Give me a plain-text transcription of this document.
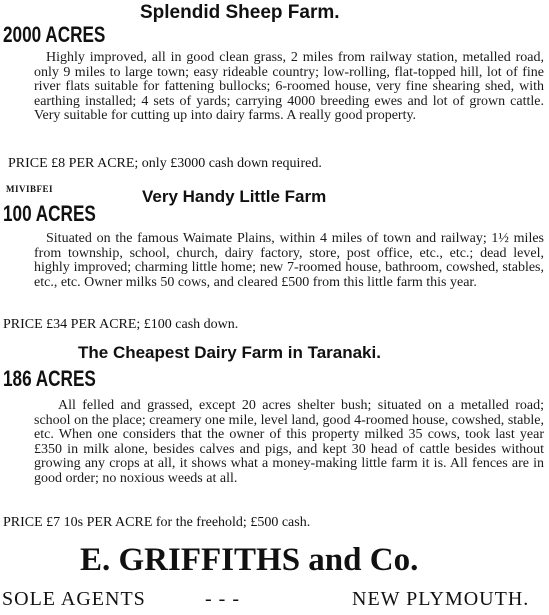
Splendid Sheep Farm.
2000 ACRES
Highly improved, all in good clean grass, 2 miles from railway station, metalled road, only 9 miles to large town; easy rideable country; low-rolling, flat-topped hill, lot of fine river flats suitable for fattening bullocks; 6-roomed house, very fine shearing shed, with earthing installed; 4 sets of yards; carrying 4000 breeding ewes and lot of grown cattle. Very suitable for cutting up into dairy farms. A really good property.
PRICE £8 PER ACRE; only £3000 cash down required.
MIVIBFEI	Very Handy Little Farm
100 ACRES
Situated on the famous Waimate Plains, within 4 miles of town and railway; 1½ miles from township, school, church, dairy factory, store, post office, etc., etc.; dead level, highly improved; charming little home; new 7-roomed house, bathroom, cowshed, stables, etc., etc. Owner milks 50 cows, and cleared £500 from this little farm this year.
PRICE £34 PER ACRE; £100 cash down.
The Cheapest Dairy Farm in Taranaki.
186 ACRES
All felled and grassed, except 20 acres shelter bush; situated on a metalled road; school on the place; creamery one mile, level land, good 4-roomed house, cowshed, stable, etc. When one considers that the owner of this property milked 35 cows, took last year £350 in milk alone, besides calves and pigs, and kept 30 head of cattle besides without growing any crops at all, it shows what a money-making little farm it is. All fences are in good order; no noxious weeds at all.
PRICE £7 10s PER ACRE for the freehold; £500 cash.
E. GRIFFITHS and Co.
SOLE AGENTS	- - -	NEW PLYMOUTH.
